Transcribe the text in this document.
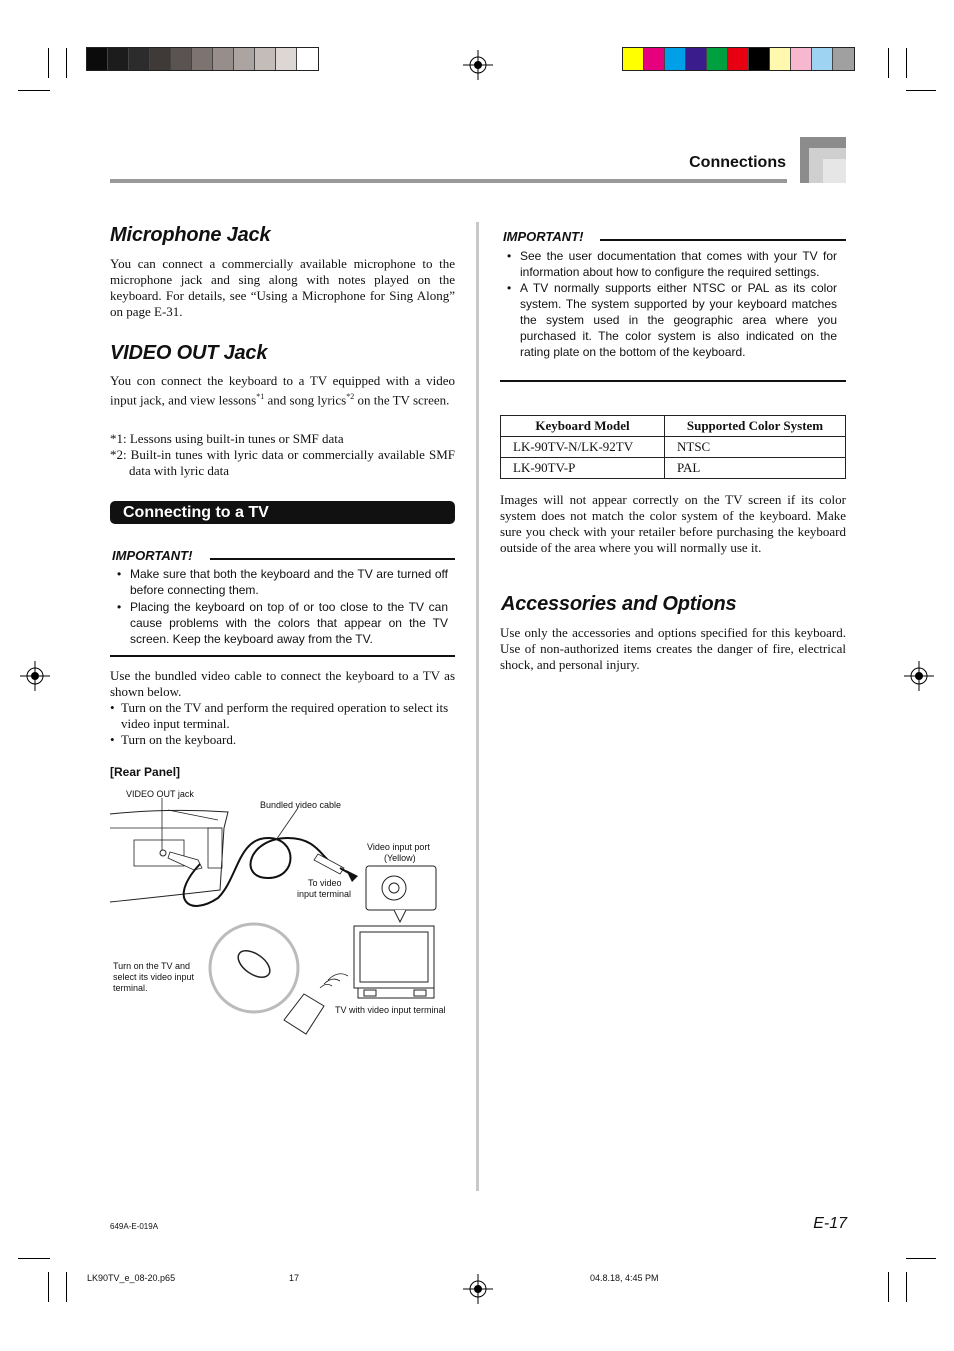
Connections
Microphone Jack

You can connect a commercially available microphone to the microphone jack and sing along with notes played on the keyboard. For details, see “Using a Microphone for Sing Along” on page E-31.

VIDEO OUT Jack

You con connect the keyboard to a TV equipped with a video input jack, and view lessons$^{*1}$ and song lyrics$^{*2}$ on the TV screen.

*1: Lessons using built-in tunes or SMF data
*2: Built-in tunes with lyric data or commercially available SMF data with lyric data
Connecting to a TV
IMPORTANT!
• Make sure that both the keyboard and the TV are turned off before connecting them.
• Placing the keyboard on top of or too close to the TV can cause problems with the colors that appear on the TV screen. Keep the keyboard away from the TV.

Use the bundled video cable to connect the keyboard to a TV as shown below.

• Turn on the TV and perform the required operation to select its video input terminal.
• Turn on the keyboard.
[Rear Panel]
VIDEO OUT jack
Bundled video cable
Video input port
(Yellow)
To video
input terminal
Turn on the TV and
select its video input
terminal.
TV with video input terminal
IMPORTANT!
• See the user documentation that comes with your TV for information about how to configure the required settings.
• A TV normally supports either NTSC or PAL as its color system. The system supported by your keyboard matches the system used in the geographic area where you purchased it. The color system is also indicated on the rating plate on the bottom of the keyboard.
Keyboard Model	Supported Color System
LK-90TV-N/LK-92TV	NTSC
LK-90TV-P	PAL

Images will not appear correctly on the TV screen if its color system does not match the color system of the keyboard. Make sure you check with your retailer before purchasing the keyboard outside of the area where you will normally use it.

Accessories and Options

Use only the accessories and options specified for this keyboard. Use of non-authorized items creates the danger of fire, electrical shock, and personal injury.

649A-E-019A	E-17
LK90TV_e_08-20.p65	17	04.8.18, 4:45 PM
